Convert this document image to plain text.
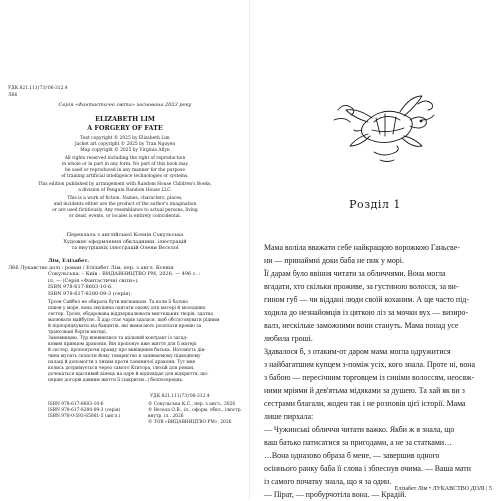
УДК 821.111(73)'06-312.4
Л66
Серія «Фантастичні світи» заснована 2023 року
ELIZABETH LIM
A FORGERY OF FATE
Text copyright © 2025 by Elizabeth Lim
Jacket art copyright © 2025 by Tran Nguyen
Map copyright © 2025 by Virginia Allyn
All rights reserved including the right of reproduction
in whole or in part in any form. No part of this book may
be used or reproduced in any manner for the purpose
of training artificial intelligence technologies or systems.
This edition published by arrangement with Random House Children's Books,
a division of Penguin Random House LLC.
This is a work of fiction. Names, characters, places,
and incidents either are the product of the author's imagination
or are used fictitiously. Any resemblance to actual persons, living
or dead, events, or locales is entirely coincidental.
Переклала з англійської Ксенія Сокульська
Художнє оформлення обкладинки, ілюстрацій
та внутрішніх ілюстрацій Олени Вєсєлої
Лім, Елізабет.
Л66 Лукавство долі : роман / Елізабет Лім; пер. з англ. Ксенія
Сокульська. – Київ : ВИДАВНИЦТВО РМ, 2026. — 496 с. :
іл. — (Серія «Фантастичні світи»).
ISBN 978-617-8603-10-6.
ISBN 978-617-8280-09-3 (серія).
Трсен Сайбел не обирала бути вигнанкою. Та коли її батько
пішов у море, вона змушена одягати одежу для матері й молодших
сестер. Трсен, обдарована віддзеркалювати мистецьких творів, здатна
малювати майбутнє. Її дар стає чарів здалася, щоб обслуговувати рідним
й підпорядкувати від бандитів, які вимагають розплати кровію за
трансовані боргів матері.
Замовницею. Тур впевнилися та щільний контракт із загад-
ковим принцом драконів. Він пропонує вже життя для її матері
й сестер, пропонуючи правду про вивіщення батька. Натомість дів-
чина мусить скласти йому товариство в запиваємому підводному
палаці й допомогти з лихим проти таємничої дракони. Тут вже
колись дотримується через самого Ктитора, ілюзій для роман,
дочекаться щасливий кінець на одре й відповідає для відкриття, що-
перше догорів давним життя її (закритих..) безпосереднь.
УДК 821.111(73)'06-312.4
ISBN 978-617-8603-10-6
ISBN 978-617-8280-09-3 (серія)
ISBN 978-0-593-65061-5 (англ.)
© Сокульська К.С., пер. з англ., 2026
© Вєсела О.В., іл., оформ. обкл., ілюстр.
внутр. іл., 2026
© ТОВ «ВИДАВНИЦТВО РМ», 2026
Розділ 1
Мама воліла вважати себе найкращою ворожкою Ганьсве-
ни — принаймні доки баба не пнк у морі.
Її дарам було ввіння читати за обличчями. Вона могла
вгадати, хто скільки проживе, за густиною волосся, за ви-
гином губ — чи віддані люди своїй коханим. А ще часто під-
ходила до незнайомців із цяткою ліз за мочки вух — визиро-
валз, нескільке заможними вони стануть. Мама понад усе
любила гроші.
Здавалося б, з отаким-от даром мама могла одружитися
з найбагатшим купцем з-поміж усіх, кого знала. Проте ні, вона
з бабою — пересічним торговцем із синіми волоссям, неосяж-
ними мріями й дев'ятьма мідяками за душею. Та хай як ви з
сестрами благали, жоден так і не розповів цієї історії. Мама
лише пирхала:
— Чужинські обличчя читати важко. Якби ж я знала, що
ваш батько патисатися за пригодами, а не за статками…
…Вона одназово образа б мене, — завершив одного
осіннього ранку баба її слова і збпеснув очима. — Ваша мати
із самого початку знала, що я за один.
— Пірат, — пробурчотіла вона. — Крадій.
Елізабет Лім • ЛУКАВСТВО ДОЛІ | 5
